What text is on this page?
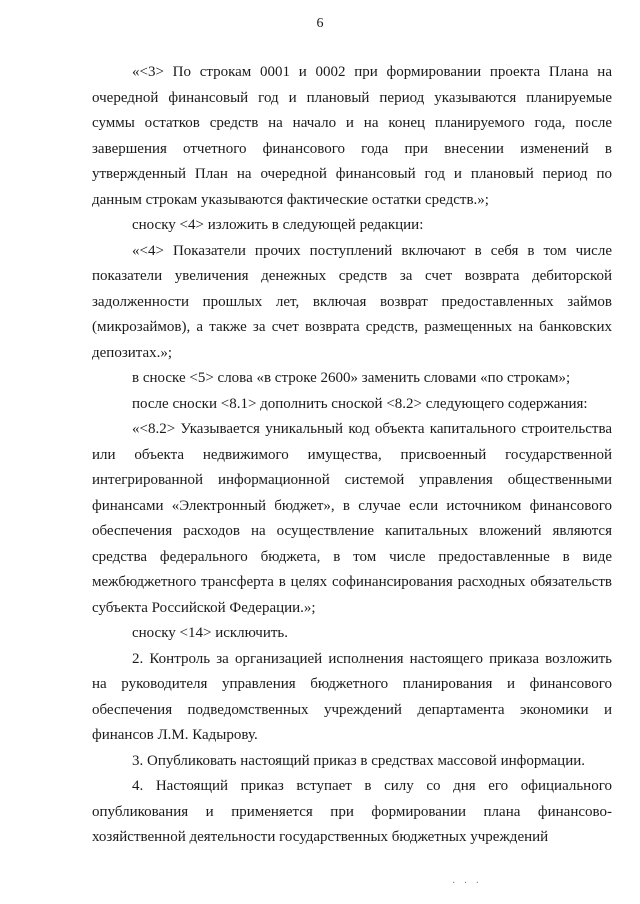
6

«<3> По строкам 0001 и 0002 при формировании проекта Плана на очередной финансовый год и плановый период указываются планируемые суммы остатков средств на начало и на конец планируемого года, после завершения отчетного финансового года при внесении изменений в утвержденный План на очередной финансовый год и плановый период по данным строкам указываются фактические остатки средств.»;

сноску <4> изложить в следующей редакции:

«<4> Показатели прочих поступлений включают в себя в том числе показатели увеличения денежных средств за счет возврата дебиторской задолженности прошлых лет, включая возврат предоставленных займов (микрозаймов), а также за счет возврата средств, размещенных на банковских депозитах.»;

в сноске <5> слова «в строке 2600» заменить словами «по строкам»;

после сноски <8.1> дополнить сноской <8.2> следующего содержания:

«<8.2> Указывается уникальный код объекта капитального строительства или объекта недвижимого имущества, присвоенный государственной интегрированной информационной системой управления общественными финансами «Электронный бюджет», в случае если источником финансового обеспечения расходов на осуществление капитальных вложений являются средства федерального бюджета, в том числе предоставленные в виде межбюджетного трансферта в целях софинансирования расходных обязательств субъекта Российской Федерации.»;

сноску <14> исключить.

2. Контроль за организацией исполнения настоящего приказа возложить на руководителя управления бюджетного планирования и финансового обеспечения подведомственных учреждений департамента экономики и финансов Л.М. Кадырову.

3. Опубликовать настоящий приказ в средствах массовой информации.

4. Настоящий приказ вступает в силу со дня его официального опубликования и применяется при формировании плана финансово-хозяйственной деятельности государственных бюджетных учреждений

· · ·
